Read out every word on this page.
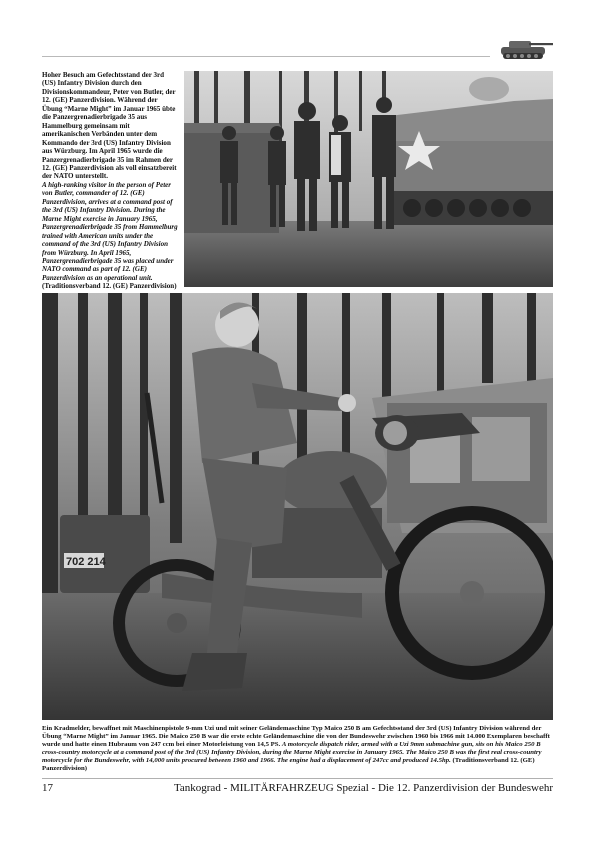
Hoher Besuch am Gefechtsstand der 3rd (US) Infantry Division durch den Divisionskommandeur, Peter von Butler, der 12. (GE) Panzerdivision. Während der Übung “Marne Might” im Januar 1965 übte die Panzergrenadierbrigade 35 aus Hammelburg gemeinsam mit amerikanischen Verbänden unter dem Kommando der 3rd (US) Infantry Division aus Würzburg. Im April 1965 wurde die Panzergrenadierbrigade 35 im Rahmen der 12. (GE) Panzerdivision als voll einsatzbereit der NATO unterstellt.
A high-ranking visitor in the person of Peter von Butler, commander of 12. (GE) Panzerdivision, arrives at a command post of the 3rd (US) Infantry Division. During the Marne Might exercise in January 1965, Panzergrenadierbrigade 35 from Hammelburg trained with American units under the command of the 3rd (US) Infantry Division from Würzburg. In April 1965, Panzergrenadierbrigade 35 was placed under NATO command as part of 12. (GE) Panzerdivision as an operational unit.
(Traditionsverband 12. (GE) Panzerdivision)
702 214
Ein Kradmelder, bewaffnet mit Maschinenpistole 9-mm Uzi und mit seiner Geländemaschine Typ Maico 250 B am Gefechtsstand der 3rd (US) Infantry Division während der Übung “Marne Might” im Januar 1965. Die Maico 250 B war die erste echte Geländemaschine die von der Bundeswehr zwischen 1960 bis 1966 mit 14.000 Exemplaren beschafft wurde und hatte einen Hubraum von 247 ccm bei einer Motorleistung von 14,5 PS. A motorcycle dispatch rider, armed with a Uzi 9mm submachine gun, sits on his Maico 250 B cross-country motorcycle at a command post of the 3rd (US) Infantry Division, during the Marne Might exercise in January 1965. The Maico 250 B was the first real cross-country motorcycle for the Bundeswehr, with 14,000 units procured between 1960 and 1966. The engine had a displacement of 247cc and produced 14.5hp. (Traditionsverband 12. (GE) Panzerdivision)
17	Tankograd - MILITÄRFAHRZEUG Spezial - Die 12. Panzerdivision der Bundeswehr
